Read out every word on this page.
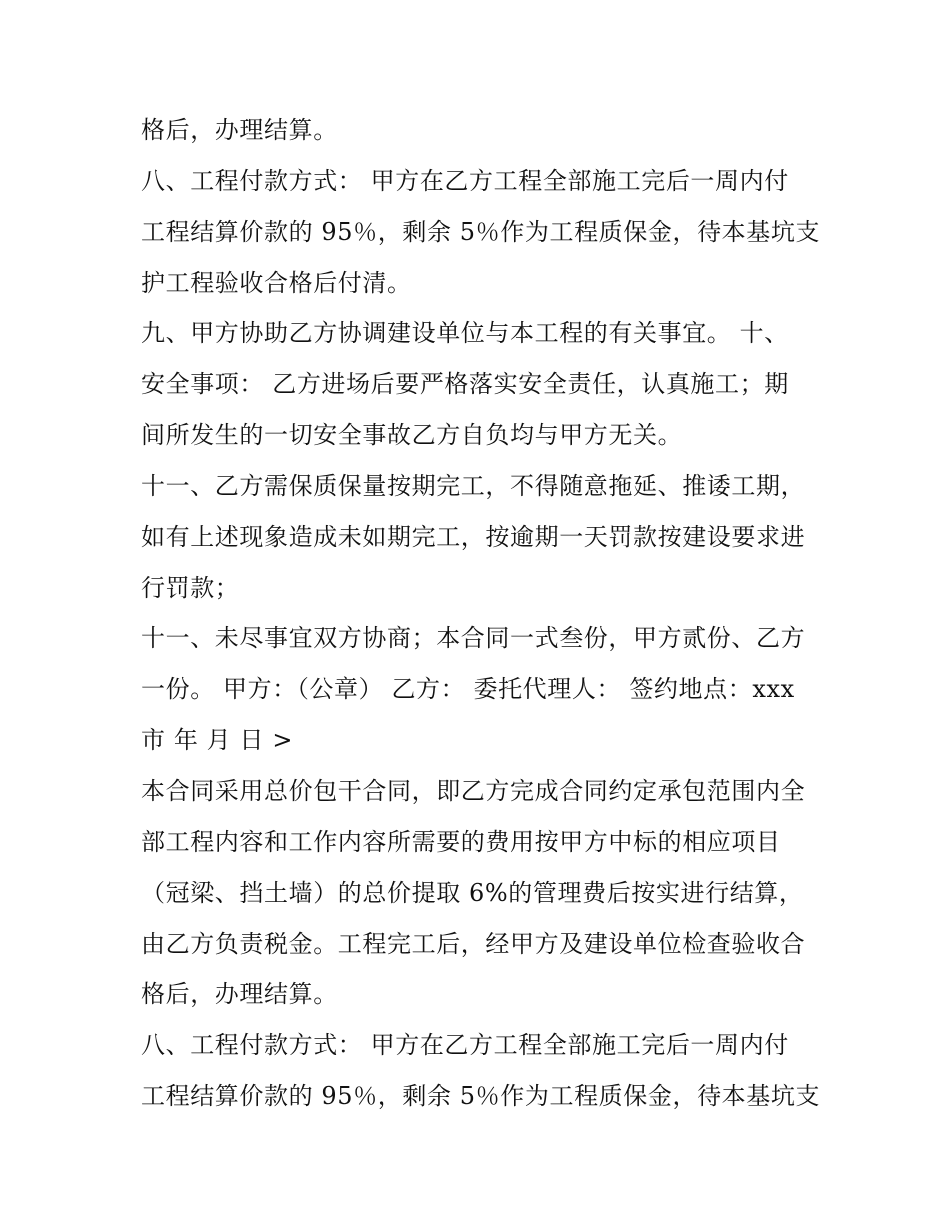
格后，办理结算。
八、工程付款方式： 甲方在乙方工程全部施工完后一周内付
工程结算价款的 95％，剩余 5％作为工程质保金，待本基坑支
护工程验收合格后付清。
九、甲方协助乙方协调建设单位与本工程的有关事宜。 十、
安全事项： 乙方进场后要严格落实安全责任，认真施工；期
间所发生的一切安全事故乙方自负均与甲方无关。
十一、乙方需保质保量按期完工，不得随意拖延、推诿工期，
如有上述现象造成未如期完工，按逾期一天罚款按建设要求进
行罚款；
十一、未尽事宜双方协商；本合同一式叁份，甲方贰份、乙方
一份。 甲方：（公章） 乙方： 委托代理人： 签约地点：xxx
市 年 月 日 >
本合同采用总价包干合同，即乙方完成合同约定承包范围内全
部工程内容和工作内容所需要的费用按甲方中标的相应项目
（冠梁、挡土墙）的总价提取 6%的管理费后按实进行结算，
由乙方负责税金。工程完工后，经甲方及建设单位检查验收合
格后，办理结算。
八、工程付款方式： 甲方在乙方工程全部施工完后一周内付
工程结算价款的 95％，剩余 5％作为工程质保金，待本基坑支
